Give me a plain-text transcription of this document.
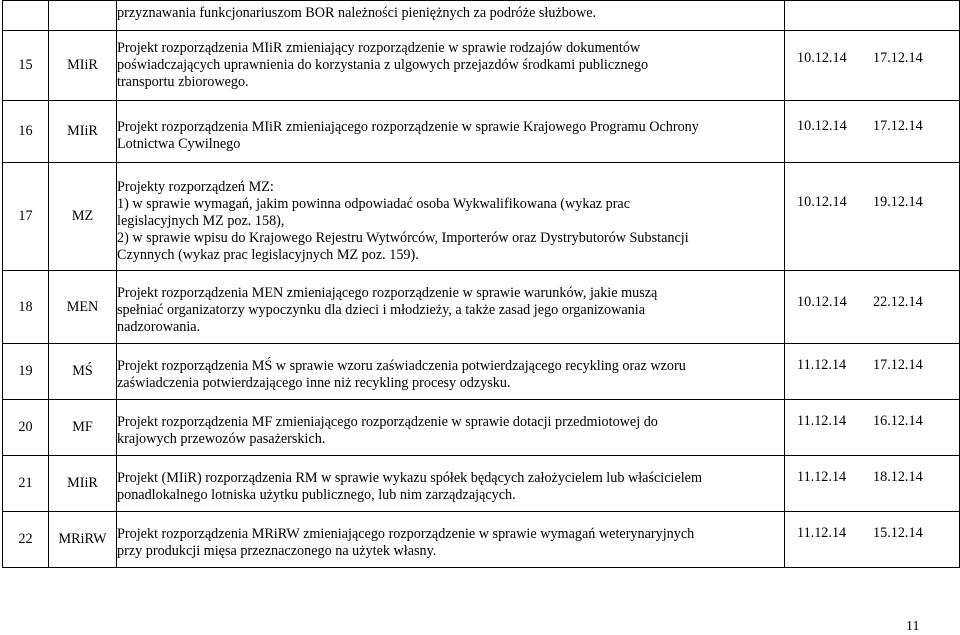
		przyznawania funkcjonariuszom BOR należności pieniężnych za podróże służbowe.	
15	MIiR	Projekt rozporządzenia MIiR zmieniający rozporządzenie w sprawie rodzajów dokumentów
poświadczających uprawnienia do korzystania z ulgowych przejazdów środkami publicznego
transportu zbiorowego.	10.12.14 17.12.14
16	MIiR	Projekt rozporządzenia MIiR zmieniającego rozporządzenie w sprawie Krajowego Programu Ochrony
Lotnictwa Cywilnego	10.12.14 17.12.14
17	MZ	Projekty rozporządzeń MZ:
1) w sprawie wymagań, jakim powinna odpowiadać osoba Wykwalifikowana (wykaz prac
legislacyjnych MZ poz. 158),
2) w sprawie wpisu do Krajowego Rejestru Wytwórców, Importerów oraz Dystrybutorów Substancji
Czynnych (wykaz prac legislacyjnych MZ poz. 159).	10.12.14 19.12.14
18	MEN	Projekt rozporządzenia MEN zmieniającego rozporządzenie w sprawie warunków, jakie muszą
spełniać organizatorzy wypoczynku dla dzieci i młodzieży, a także zasad jego organizowania
nadzorowania.	10.12.14 22.12.14
19	MŚ	Projekt rozporządzenia MŚ w sprawie wzoru zaświadczenia potwierdzającego recykling oraz wzoru
zaświadczenia potwierdzającego inne niż recykling procesy odzysku.	11.12.14 17.12.14
20	MF	Projekt rozporządzenia MF zmieniającego rozporządzenie w sprawie dotacji przedmiotowej do
krajowych przewozów pasażerskich.	11.12.14 16.12.14
21	MIiR	Projekt (MIiR) rozporządzenia RM w sprawie wykazu spółek będących założycielem lub właścicielem
ponadlokalnego lotniska użytku publicznego, lub nim zarządzających.	11.12.14 18.12.14
22	MRiRW	Projekt rozporządzenia MRiRW zmieniającego rozporządzenie w sprawie wymagań weterynaryjnych
przy produkcji mięsa przeznaczonego na użytek własny.	11.12.14 15.12.14
11
